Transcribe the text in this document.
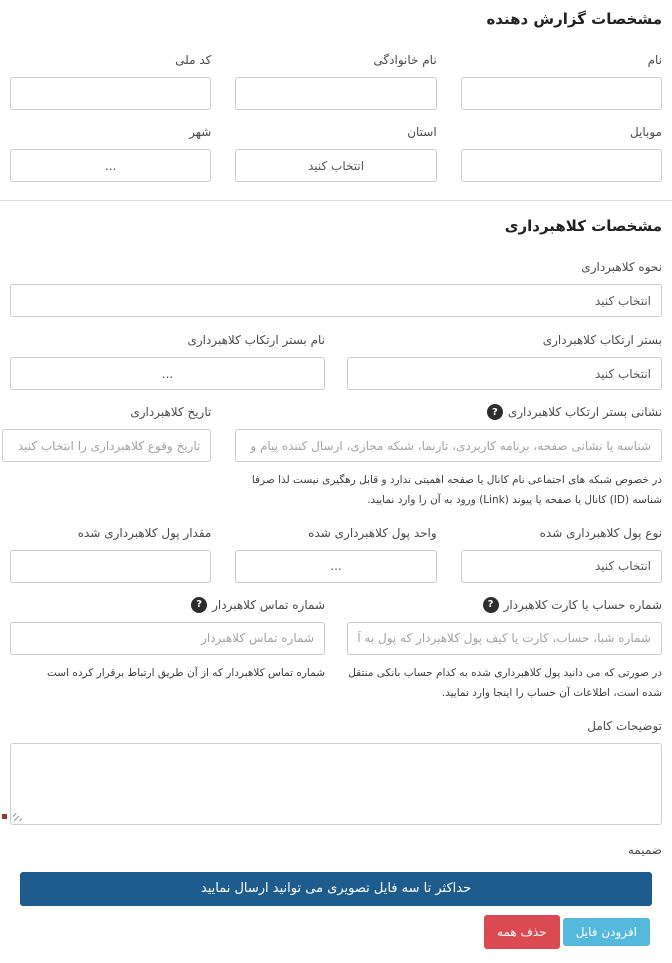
مشخصات گزارش دهنده
نام
نام خانوادگی
کد ملی
موبایل
استان
انتخاب کنید
شهر
...
مشخصات کلاهبرداری
نحوه کلاهبرداری
انتخاب کنید
بستر ارتکاب کلاهبرداری
انتخاب کنید
نام بستر ارتکاب کلاهبرداری
...
نشانی بستر ارتکاب کلاهبرداری
?
شناسه یا نشانی صفحه، برنامه کاربردی، تارنما، شبکه مجازی، ارسال کننده پیام و ...
در خصوص شبکه های اجتماعی نام کانال یا صفحه اهمیتی ندارد و قابل رهگیری نیست لذا صرفا شناسه (ID) کانال یا صفحه یا پیوند (Link) ورود به آن را وارد نمایید.
تاریخ کلاهبرداری
تاریخ وقوع کلاهبرداری را انتخاب کنید
نوع پول کلاهبرداری شده
انتخاب کنید
واحد پول کلاهبرداری شده
...
مقدار پول کلاهبرداری شده
شماره حساب یا کارت کلاهبردار
?
شماره شبا، حساب، کارت یا کیف پول کلاهبردار که پول به آن واریز شده اس
در صورتی که می دانید پول کلاهبرداری شده به کدام حساب بانکی منتقل شده است، اطلاعات آن حساب را اینجا وارد نمایید.
شماره تماس کلاهبردار
?
شماره تماس کلاهبردار
شماره تماس کلاهبردار که از آن طریق ارتباط برقرار کرده است
توضیحات کامل
ضمیمه
حداکثر تا سه فایل تصویری می توانید ارسال نمایید
افزودن فایل
حذف همه
